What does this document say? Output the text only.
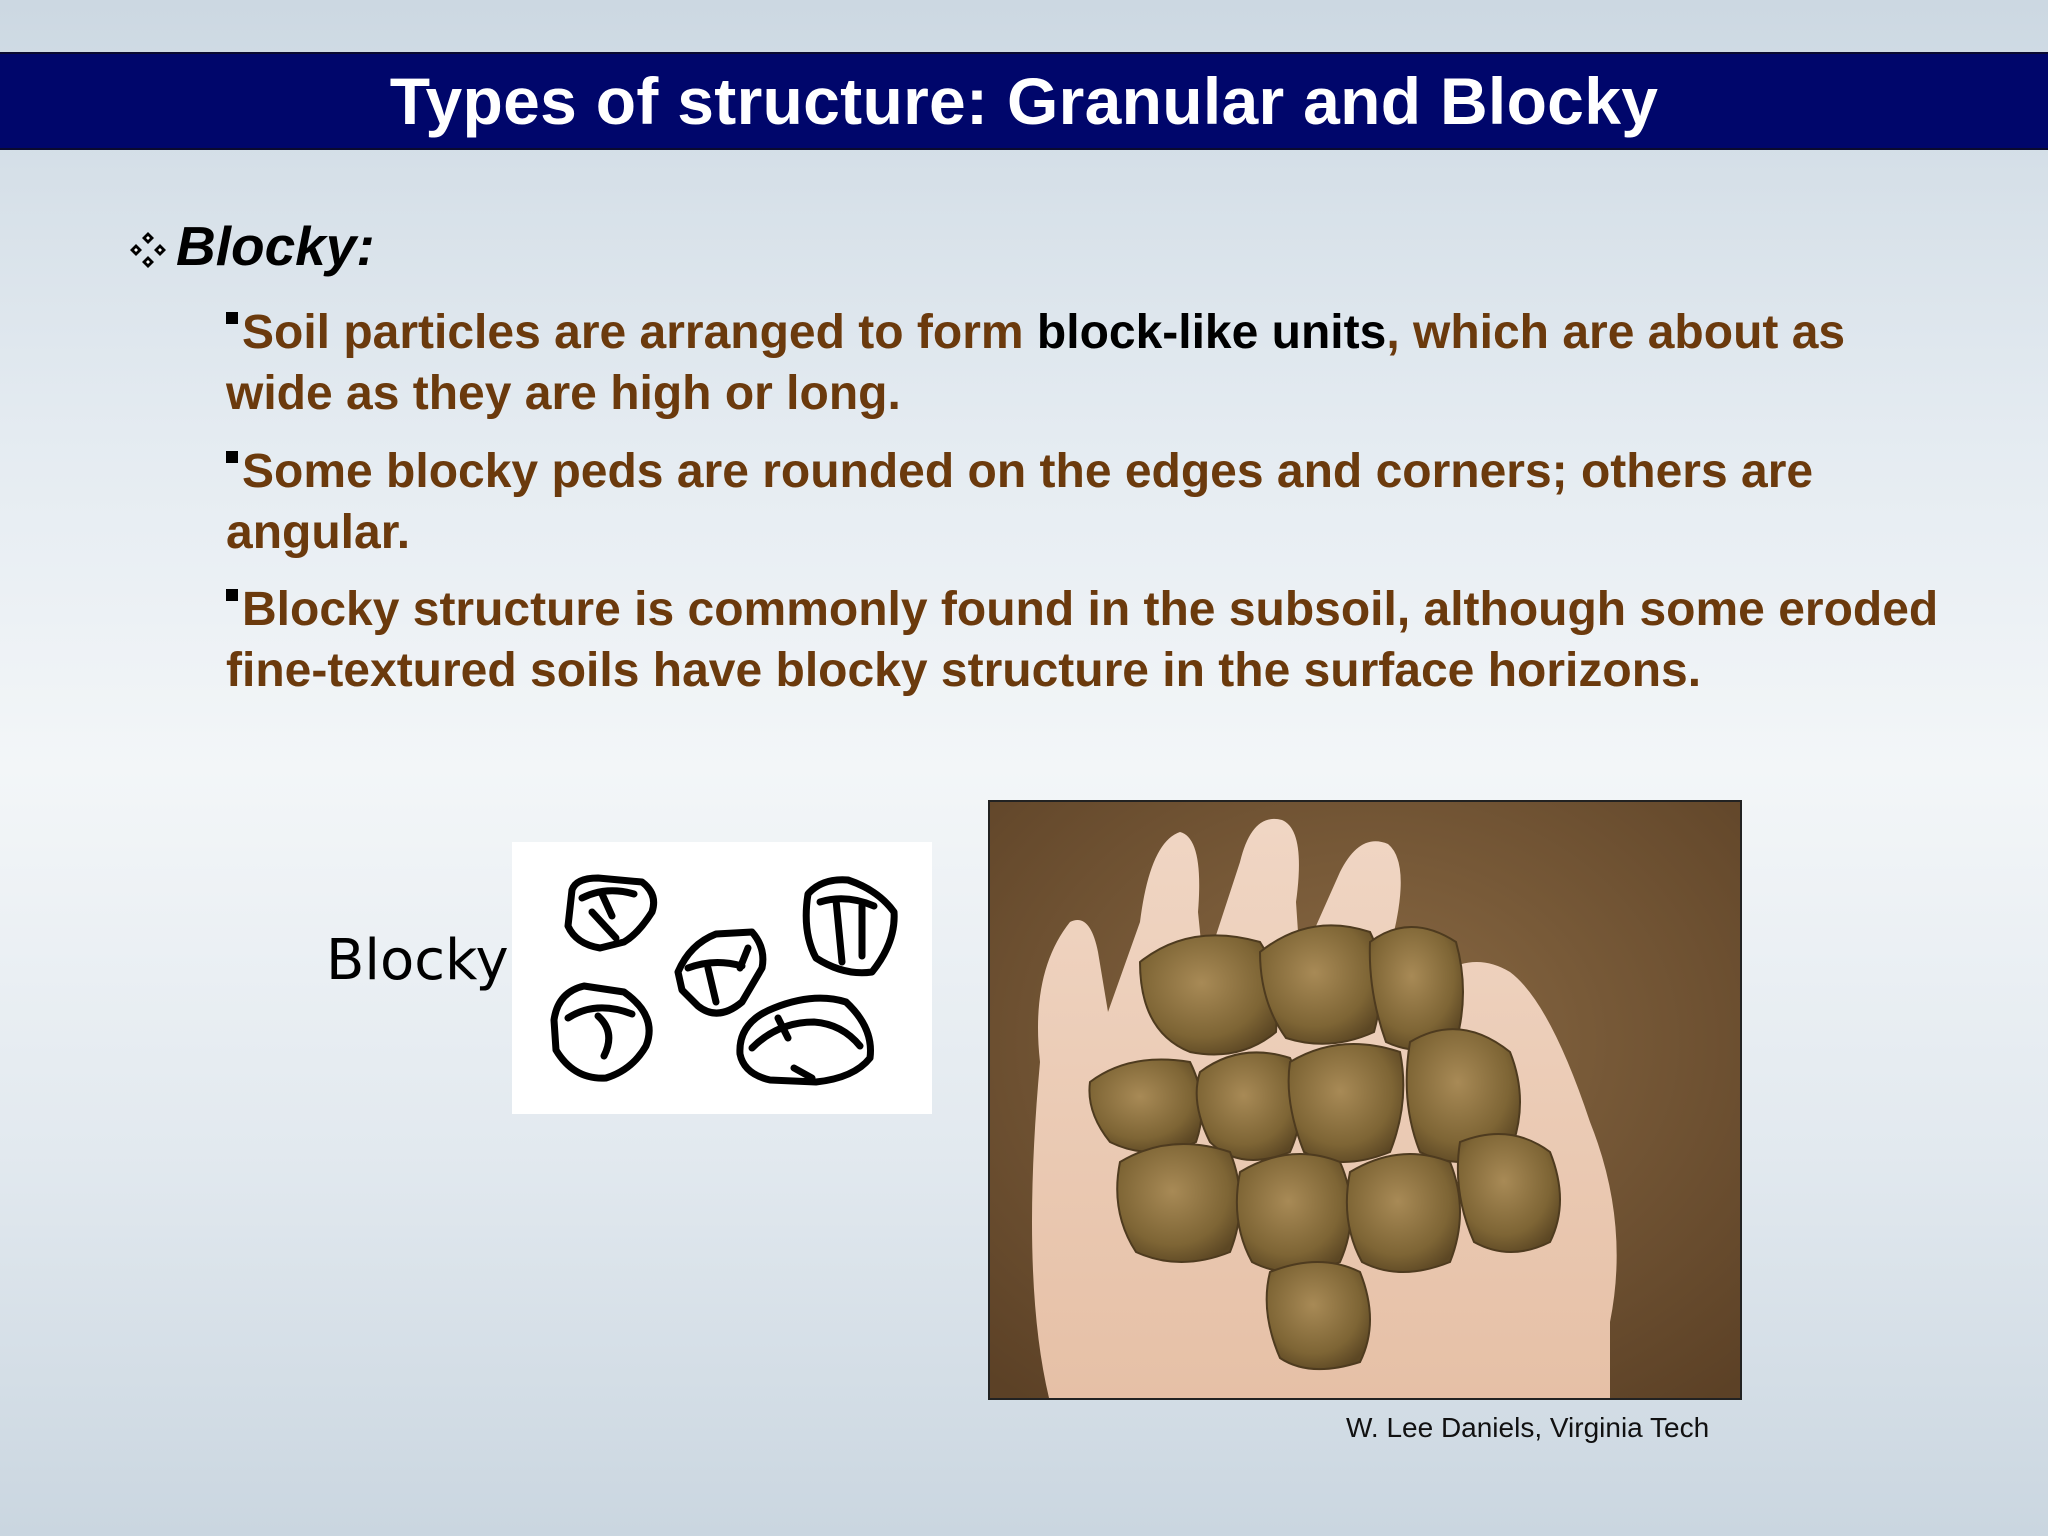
Types of structure: Granular and Blocky
Blocky:
Soil particles are arranged to form block-like units, which are about as wide as they are high or long.
Some blocky peds are rounded on the edges and corners; others are angular.
Blocky structure is commonly found in the subsoil, although some eroded fine-textured soils have blocky structure in the surface horizons.
Blocky
W. Lee Daniels, Virginia Tech
